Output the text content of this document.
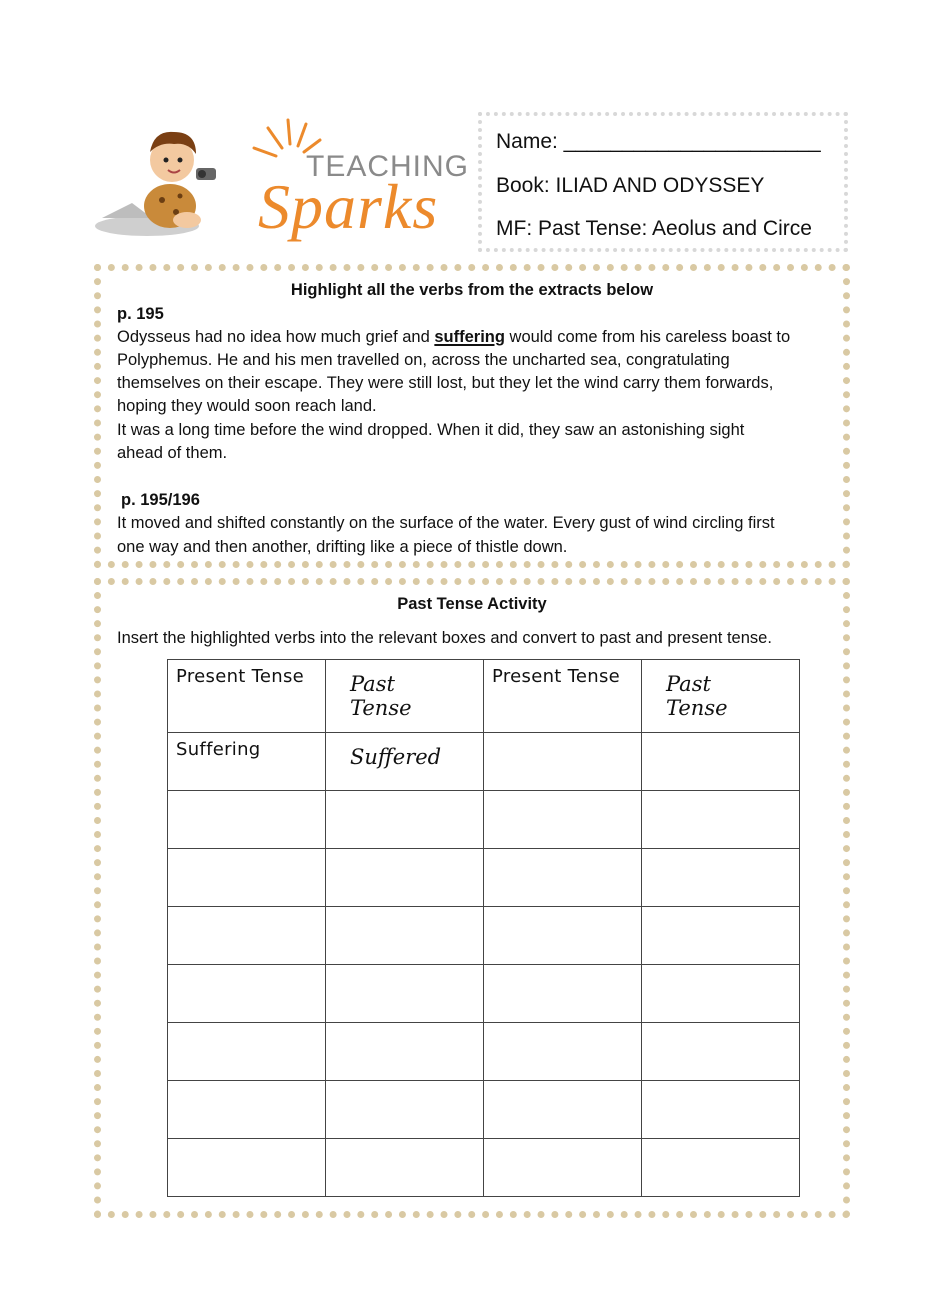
TEACHING
Sparks
Name: ______________________
Book: ILIAD AND ODYSSEY
MF: Past Tense: Aeolus and Circe
Highlight all the verbs from the extracts below
p. 195
Odysseus had no idea how much grief and suffering would come from his careless boast to
Polyphemus. He and his men travelled on, across the uncharted sea, congratulating
themselves on their escape. They were still lost, but they let the wind carry them forwards,
hoping they would soon reach land.
It was a long time before the wind dropped. When it did, they saw an astonishing sight
ahead of them.
p. 195/196
It moved and shifted constantly on the surface of the water. Every gust of wind circling first
one way and then another, drifting like a piece of thistle down.
Past Tense Activity
Insert the highlighted verbs into the relevant boxes and convert to past and present tense.
Present Tense	Past Tense	Present Tense	Past Tense

Suffering	Suffered		
